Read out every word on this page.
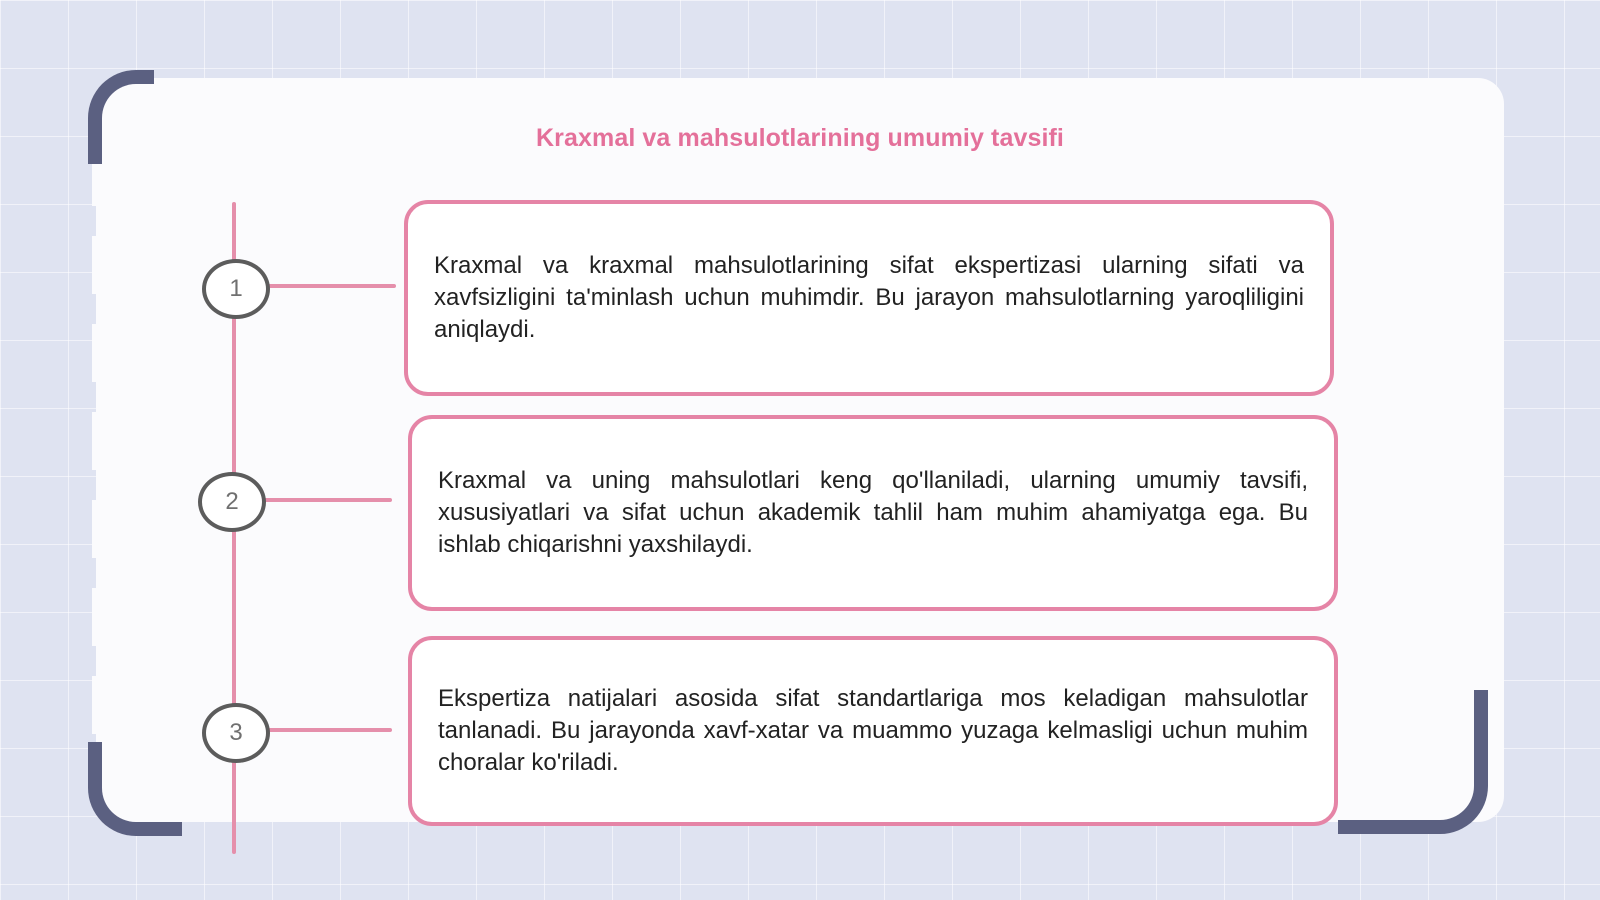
Kraxmal va mahsulotlarining umumiy tavsifi
1
2
3

Kraxmal va kraxmal mahsulotlarining sifat ekspertizasi ularning sifati va xavfsizligini ta'minlash uchun muhimdir. Bu jarayon mahsulotlarning yaroqliligini aniqlaydi.

Kraxmal va uning mahsulotlari keng qo'llaniladi, ularning umumiy tavsifi, xususiyatlari va sifat uchun akademik tahlil ham muhim ahamiyatga ega. Bu ishlab chiqarishni yaxshilaydi.

Ekspertiza natijalari asosida sifat standartlariga mos keladigan mahsulotlar tanlanadi. Bu jarayonda xavf-xatar va muammo yuzaga kelmasligi uchun muhim choralar ko'riladi.
